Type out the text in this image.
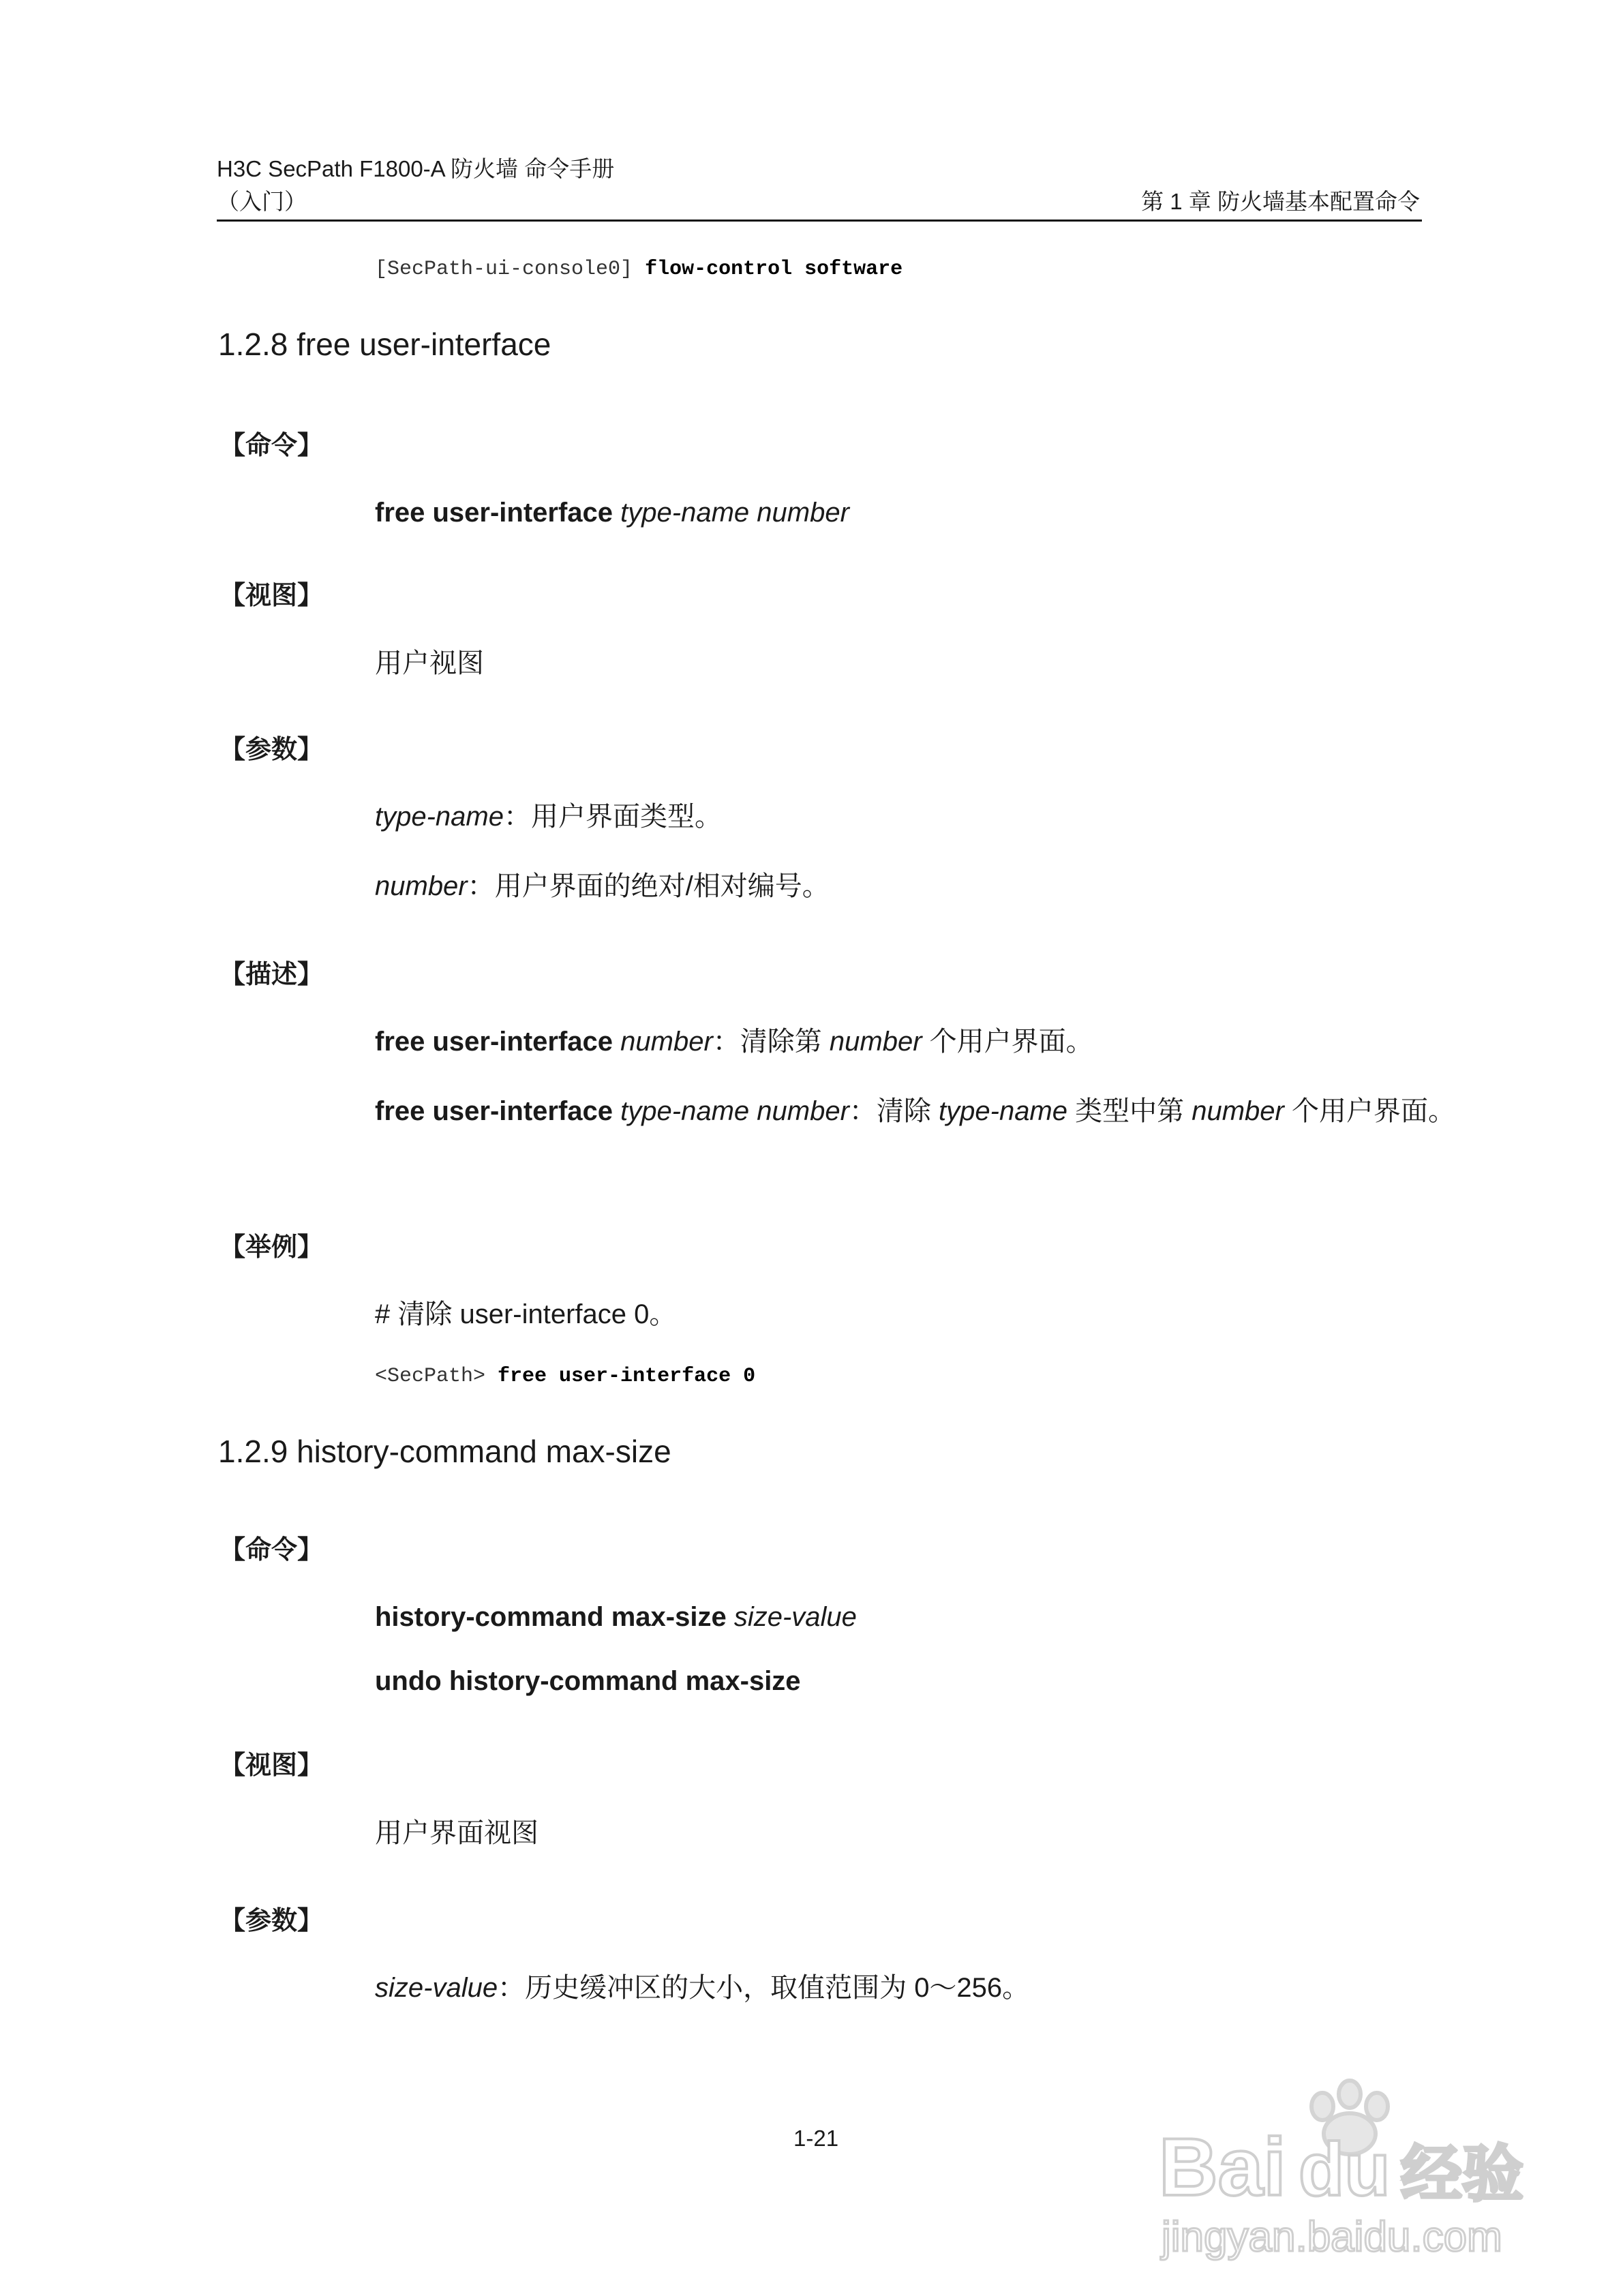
H3C SecPath F1800-A 防火墙 命令手册
（入门）	第 1 章 防火墙基本配置命令
[SecPath-ui-console0] flow-control software
1.2.8 free user-interface
【命令】
free user-interface type-name number
【视图】
用户视图
【参数】
type-name：用户界面类型。
number：用户界面的绝对/相对编号。
【描述】
free user-interface number：清除第 number 个用户界面。
free user-interface type-name number：清除 type-name 类型中第 number 个用户界面。
【举例】
# 清除 user-interface 0。
<SecPath> free user-interface 0
1.2.9 history-command max-size
【命令】
history-command max-size size-value
undo history-command max-size
【视图】
用户界面视图
【参数】
size-value：历史缓冲区的大小，取值范围为 0～256。
1-21	Bai du 经验
jingyan.baidu.com
